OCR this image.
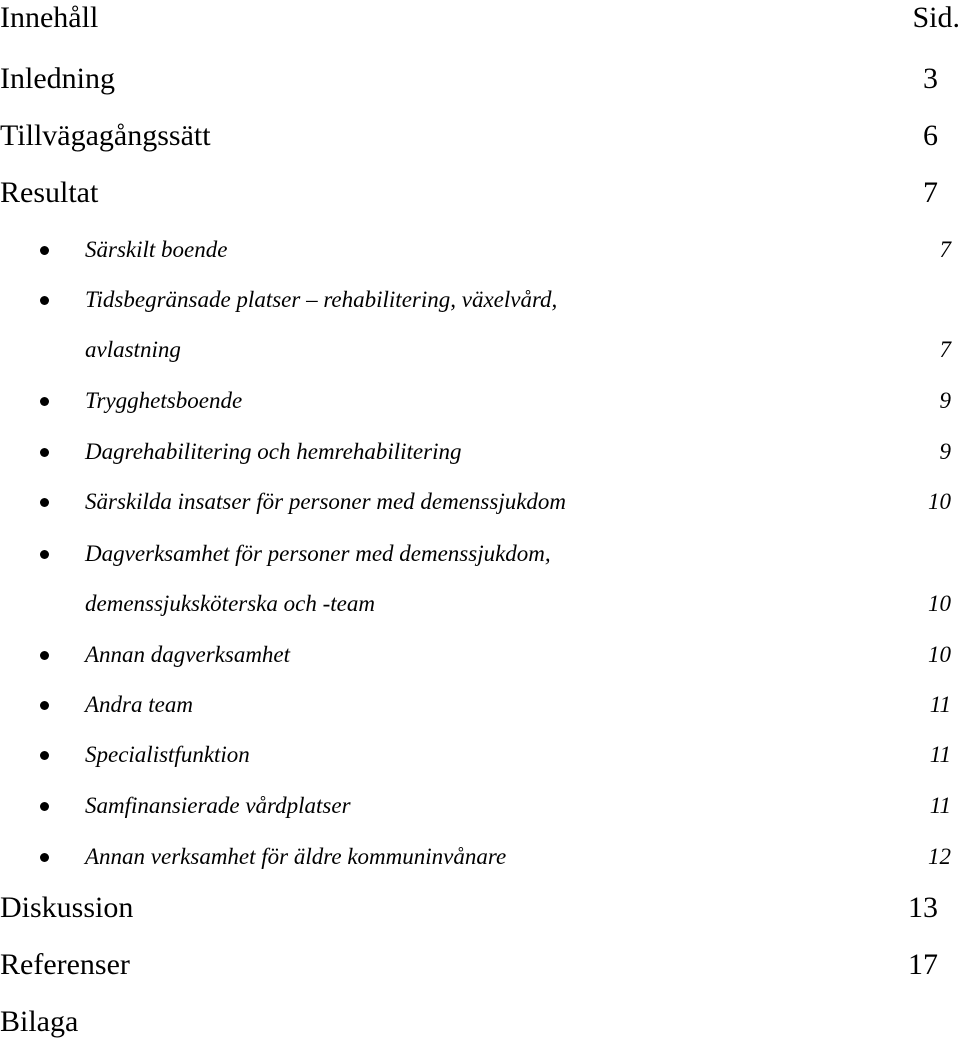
Innehåll	Sid.
Inledning	3
Tillvägagångssätt	6
Resultat	7
Särskilt boende	7
Tidsbegränsade platser – rehabilitering, växelvård,
avlastning	7
Trygghetsboende	9
Dagrehabilitering och hemrehabilitering	9
Särskilda insatser för personer med demenssjukdom	10
Dagverksamhet för personer med demenssjukdom,
demenssjuksköterska och -team	10
Annan dagverksamhet	10
Andra team	11
Specialistfunktion	11
Samfinansierade vårdplatser	11
Annan verksamhet för äldre kommuninvånare	12
Diskussion	13
Referenser	17
Bilaga
